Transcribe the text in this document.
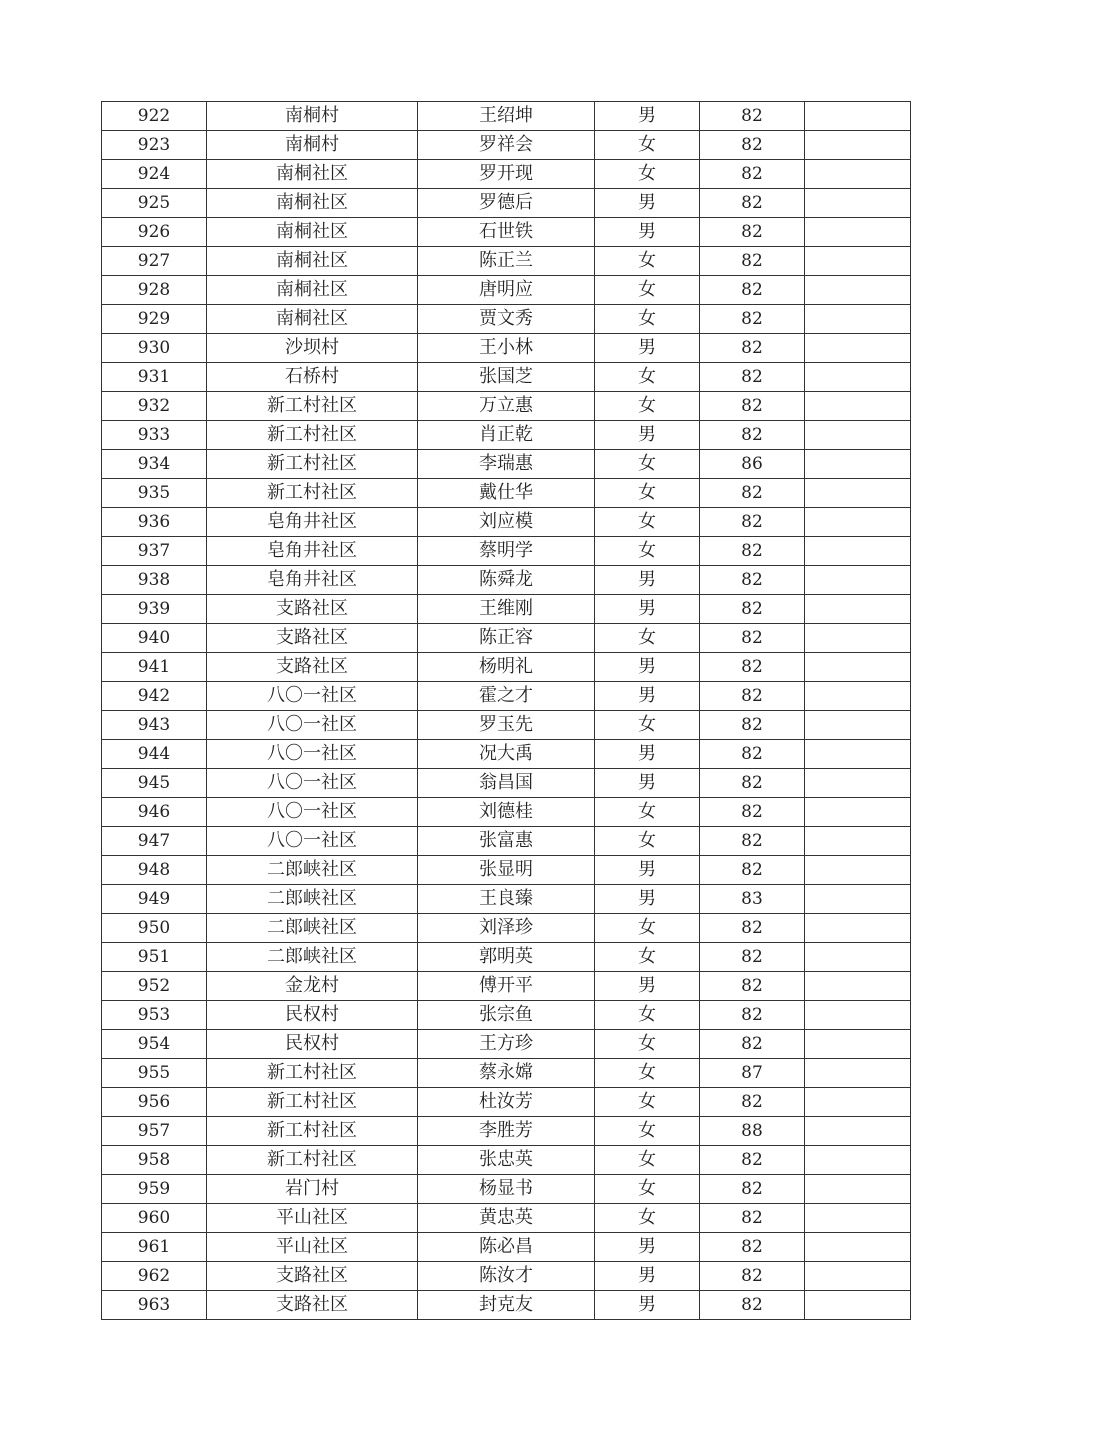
922	南桐村	王绍坤	男	82	
923	南桐村	罗祥会	女	82	
924	南桐社区	罗开现	女	82	
925	南桐社区	罗德后	男	82	
926	南桐社区	石世铁	男	82	
927	南桐社区	陈正兰	女	82	
928	南桐社区	唐明应	女	82	
929	南桐社区	贾文秀	女	82	
930	沙坝村	王小林	男	82	
931	石桥村	张国芝	女	82	
932	新工村社区	万立惠	女	82	
933	新工村社区	肖正乾	男	82	
934	新工村社区	李瑞惠	女	86	
935	新工村社区	戴仕华	女	82	
936	皂角井社区	刘应模	女	82	
937	皂角井社区	蔡明学	女	82	
938	皂角井社区	陈舜龙	男	82	
939	支路社区	王维刚	男	82	
940	支路社区	陈正容	女	82	
941	支路社区	杨明礼	男	82	
942	八〇一社区	霍之才	男	82	
943	八〇一社区	罗玉先	女	82	
944	八〇一社区	况大禹	男	82	
945	八〇一社区	翁昌国	男	82	
946	八〇一社区	刘德桂	女	82	
947	八〇一社区	张富惠	女	82	
948	二郎峡社区	张显明	男	82	
949	二郎峡社区	王良臻	男	83	
950	二郎峡社区	刘泽珍	女	82	
951	二郎峡社区	郭明英	女	82	
952	金龙村	傅开平	男	82	
953	民权村	张宗鱼	女	82	
954	民权村	王方珍	女	82	
955	新工村社区	蔡永嫦	女	87	
956	新工村社区	杜汝芳	女	82	
957	新工村社区	李胜芳	女	88	
958	新工村社区	张忠英	女	82	
959	岩门村	杨显书	女	82	
960	平山社区	黄忠英	女	82	
961	平山社区	陈必昌	男	82	
962	支路社区	陈汝才	男	82	
963	支路社区	封克友	男	82	
